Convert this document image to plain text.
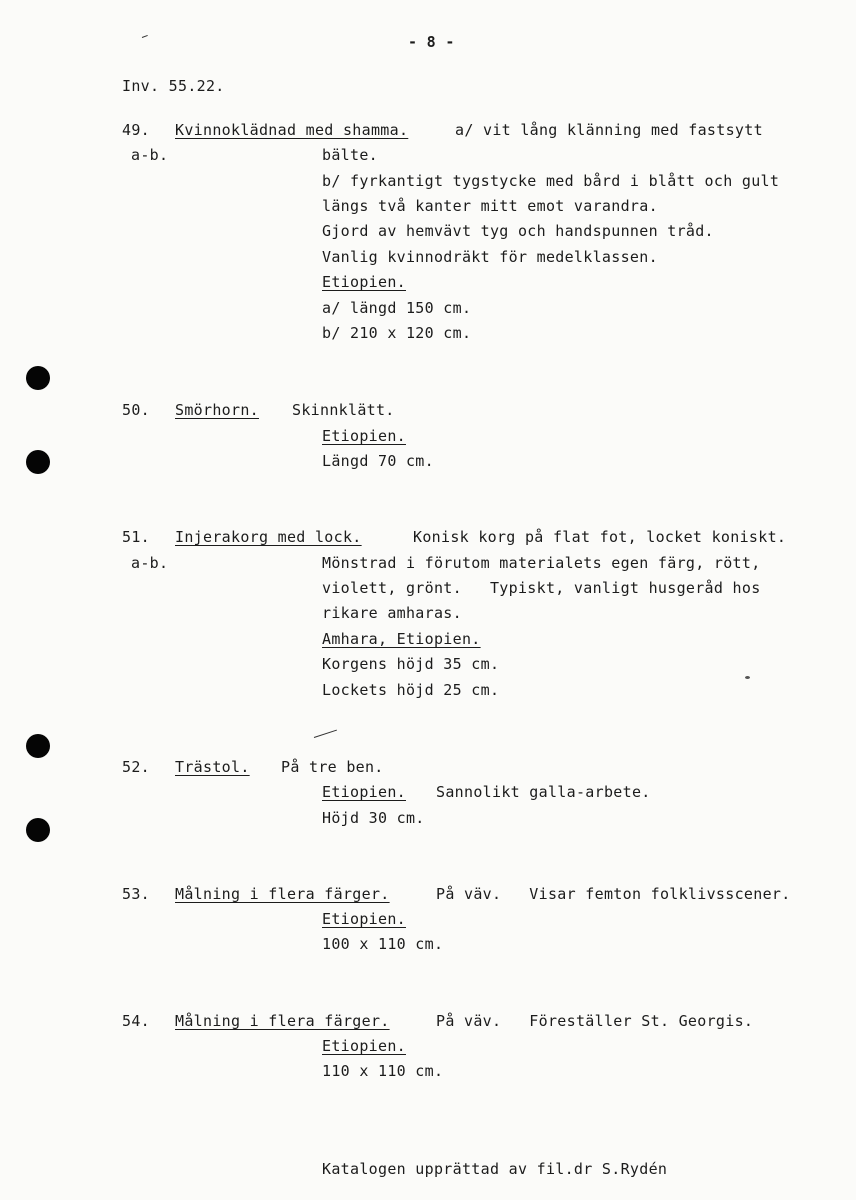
- 8 -
Inv. 55.22.
49. Kvinnoklädnad med shamma.	a/ vit lång klänning med fastsytt
a-b.	bälte.
b/ fyrkantigt tygstycke med bård i blått och gult
längs två kanter mitt emot varandra.
Gjord av hemvävt tyg och handspunnen tråd.
Vanlig kvinnodräkt för medelklassen.
Etiopien.
a/ längd 150 cm.
b/ 210 x 120 cm.
50. Smörhorn. Skinnklätt.
Etiopien.
Längd 70 cm.
51. Injerakorg med lock.	Konisk korg på flat fot, locket koniskt.
a-b.	Mönstrad i förutom materialets egen färg, rött,
violett, grönt.   Typiskt, vanligt husgeråd hos
rikare amharas.
Amhara, Etiopien.
Korgens höjd 35 cm.
Lockets höjd 25 cm.
52. Trästol. På tre ben.
Etiopien. Sannolikt galla-arbete.
Höjd 30 cm.
53. Målning i flera färger.	På väv.   Visar femton folklivsscener.
Etiopien.
100 x 110 cm.
54. Målning i flera färger.	På väv.   Föreställer St. Georgis.
Etiopien.
110 x 110 cm.
Katalogen upprättad av fil.dr S.Rydén
